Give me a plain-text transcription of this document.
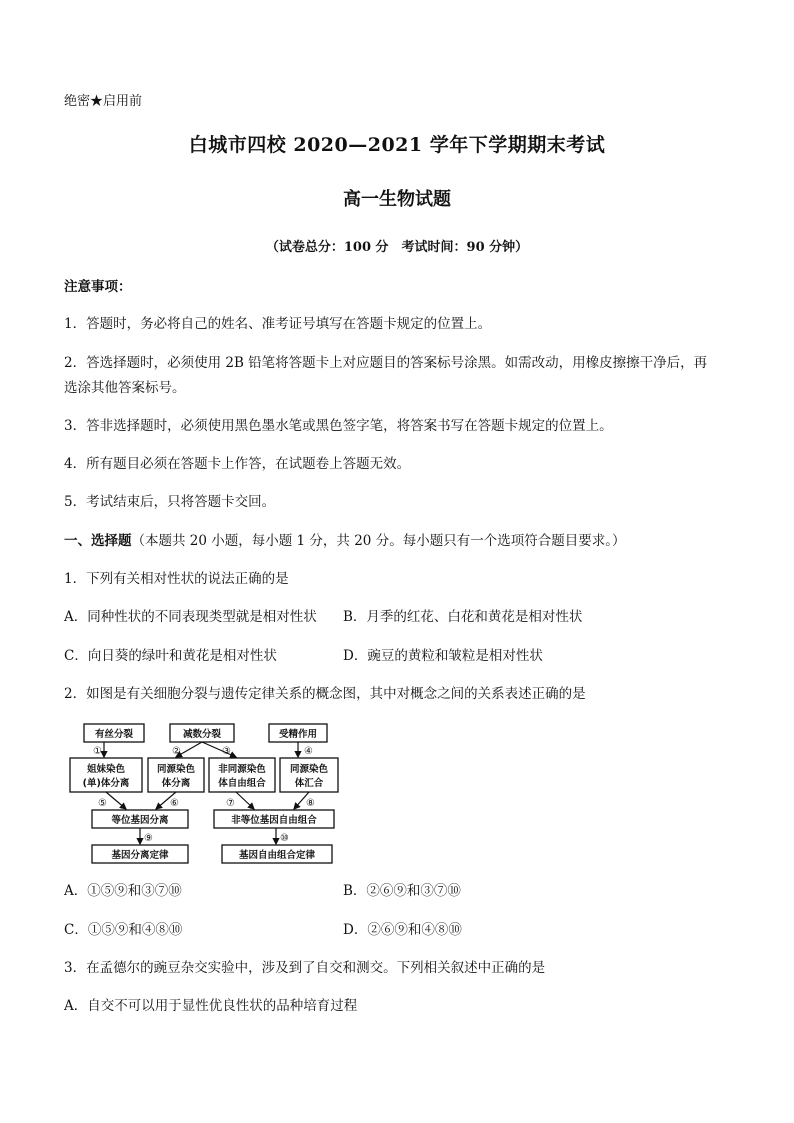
绝密★启用前
白城市四校 2020—2021 学年下学期期末考试
高一生物试题
（试卷总分：100 分　考试时间：90 分钟）
注意事项：
1．答题时，务必将自己的姓名、准考证号填写在答题卡规定的位置上。
2．答选择题时，必须使用 2B 铅笔将答题卡上对应题目的答案标号涂黑。如需改动，用橡皮擦擦干净后，再
选涂其他答案标号。
3．答非选择题时，必须使用黑色墨水笔或黑色签字笔，将答案书写在答题卡规定的位置上。
4．所有题目必须在答题卡上作答，在试题卷上答题无效。
5．考试结束后，只将答题卡交回。
一、选择题（本题共 20 小题，每小题 1 分，共 20 分。每小题只有一个选项符合题目要求。）
1．下列有关相对性状的说法正确的是
A．同种性状的不同表现类型就是相对性状 B．月季的红花、白花和黄花是相对性状
C．向日葵的绿叶和黄花是相对性状	D．豌豆的黄粒和皱粒是相对性状
2．如图是有关细胞分裂与遗传定律关系的概念图，其中对概念之间的关系表述正确的是
有丝分裂	减数分裂	受精作用
姐妹染色
(单)体分离
同源染色
体分离
非同源染色
体自由组合
同源染色
体汇合
等位基因分离	非等位基因自由组合
基因分离定律	基因自由组合定律
①	②	③	④
⑤	⑥	⑦	⑧
⑨	⑩
A．①⑤⑨和③⑦⑩	B．②⑥⑨和③⑦⑩
C．①⑤⑨和④⑧⑩	D．②⑥⑨和④⑧⑩
3．在孟德尔的豌豆杂交实验中，涉及到了自交和测交。下列相关叙述中正确的是
A．自交不可以用于显性优良性状的品种培育过程
